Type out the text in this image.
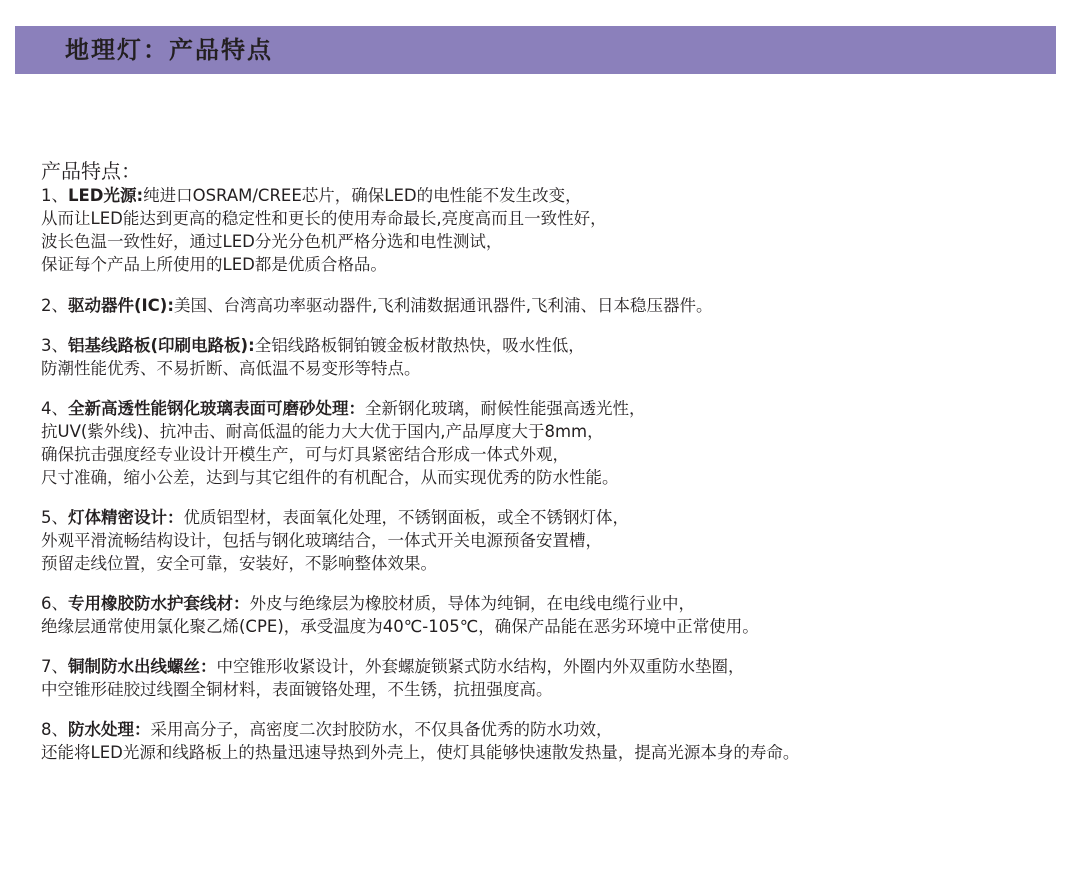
地理灯：产品特点
产品特点：
1、LED光源:纯进口OSRAM/CREE芯片，确保LED的电性能不发生改变，
从而让LED能达到更高的稳定性和更长的使用寿命最长,亮度高而且一致性好，
波长色温一致性好，通过LED分光分色机严格分选和电性测试，
保证每个产品上所使用的LED都是优质合格品。
2、驱动器件(IC):美国、台湾高功率驱动器件,飞利浦数据通讯器件,飞利浦、日本稳压器件。
3、铝基线路板(印刷电路板):全铝线路板铜铂镀金板材散热快，吸水性低，
防潮性能优秀、不易折断、高低温不易变形等特点。
4、全新高透性能钢化玻璃表面可磨砂处理：全新钢化玻璃，耐候性能强高透光性，
抗UV(紫外线)、抗冲击、耐高低温的能力大大优于国内,产品厚度大于8mm，
确保抗击强度经专业设计开模生产，可与灯具紧密结合形成一体式外观，
尺寸准确，缩小公差，达到与其它组件的有机配合，从而实现优秀的防水性能。
5、灯体精密设计：优质铝型材，表面氧化处理，不锈钢面板，或全不锈钢灯体，
外观平滑流畅结构设计，包括与钢化玻璃结合，一体式开关电源预备安置槽，
预留走线位置，安全可靠，安装好，不影响整体效果。
6、专用橡胶防水护套线材：外皮与绝缘层为橡胶材质，导体为纯铜，在电线电缆行业中，
绝缘层通常使用氯化聚乙烯(CPE)，承受温度为40℃-105℃，确保产品能在恶劣环境中正常使用。
7、铜制防水出线螺丝：中空锥形收紧设计，外套螺旋锁紧式防水结构，外圈内外双重防水垫圈，
中空锥形硅胶过线圈全铜材料，表面镀铬处理，不生锈，抗扭强度高。
8、防水处理：采用高分子，高密度二次封胶防水，不仅具备优秀的防水功效，
还能将LED光源和线路板上的热量迅速导热到外壳上，使灯具能够快速散发热量，提高光源本身的寿命。
